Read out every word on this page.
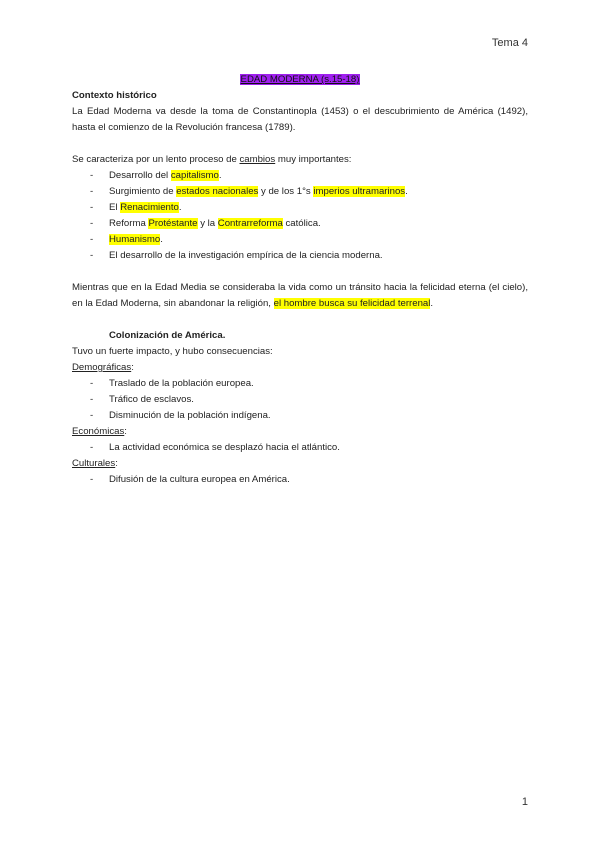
Tema 4
EDAD MODERNA (s.15-18)

Contexto histórico

La Edad Moderna va desde la toma de Constantinopla (1453) o el descubrimiento de América (1492), hasta el comienzo de la Revolución francesa (1789).

Se caracteriza por un lento proceso de cambios muy importantes:

- Desarrollo del capitalismo.
- Surgimiento de estados nacionales y de los 1°s imperios ultramarinos.
- El Renacimiento.
- Reforma Protéstante y la Contrarreforma católica.
- Humanismo.
- El desarrollo de la investigación empírica de la ciencia moderna.

Mientras que en la Edad Media se consideraba la vida como un tránsito hacia la felicidad eterna (el cielo), en la Edad Moderna, sin abandonar la religión, el hombre busca su felicidad terrenal.

Colonización de América.

Tuvo un fuerte impacto, y hubo consecuencias:

Demográficas:

- Traslado de la población europea.
- Tráfico de esclavos.
- Disminución de la población indígena.

Económicas:

- La actividad económica se desplazó hacia el atlántico.

Culturales:

- Difusión de la cultura europea en América.
1
